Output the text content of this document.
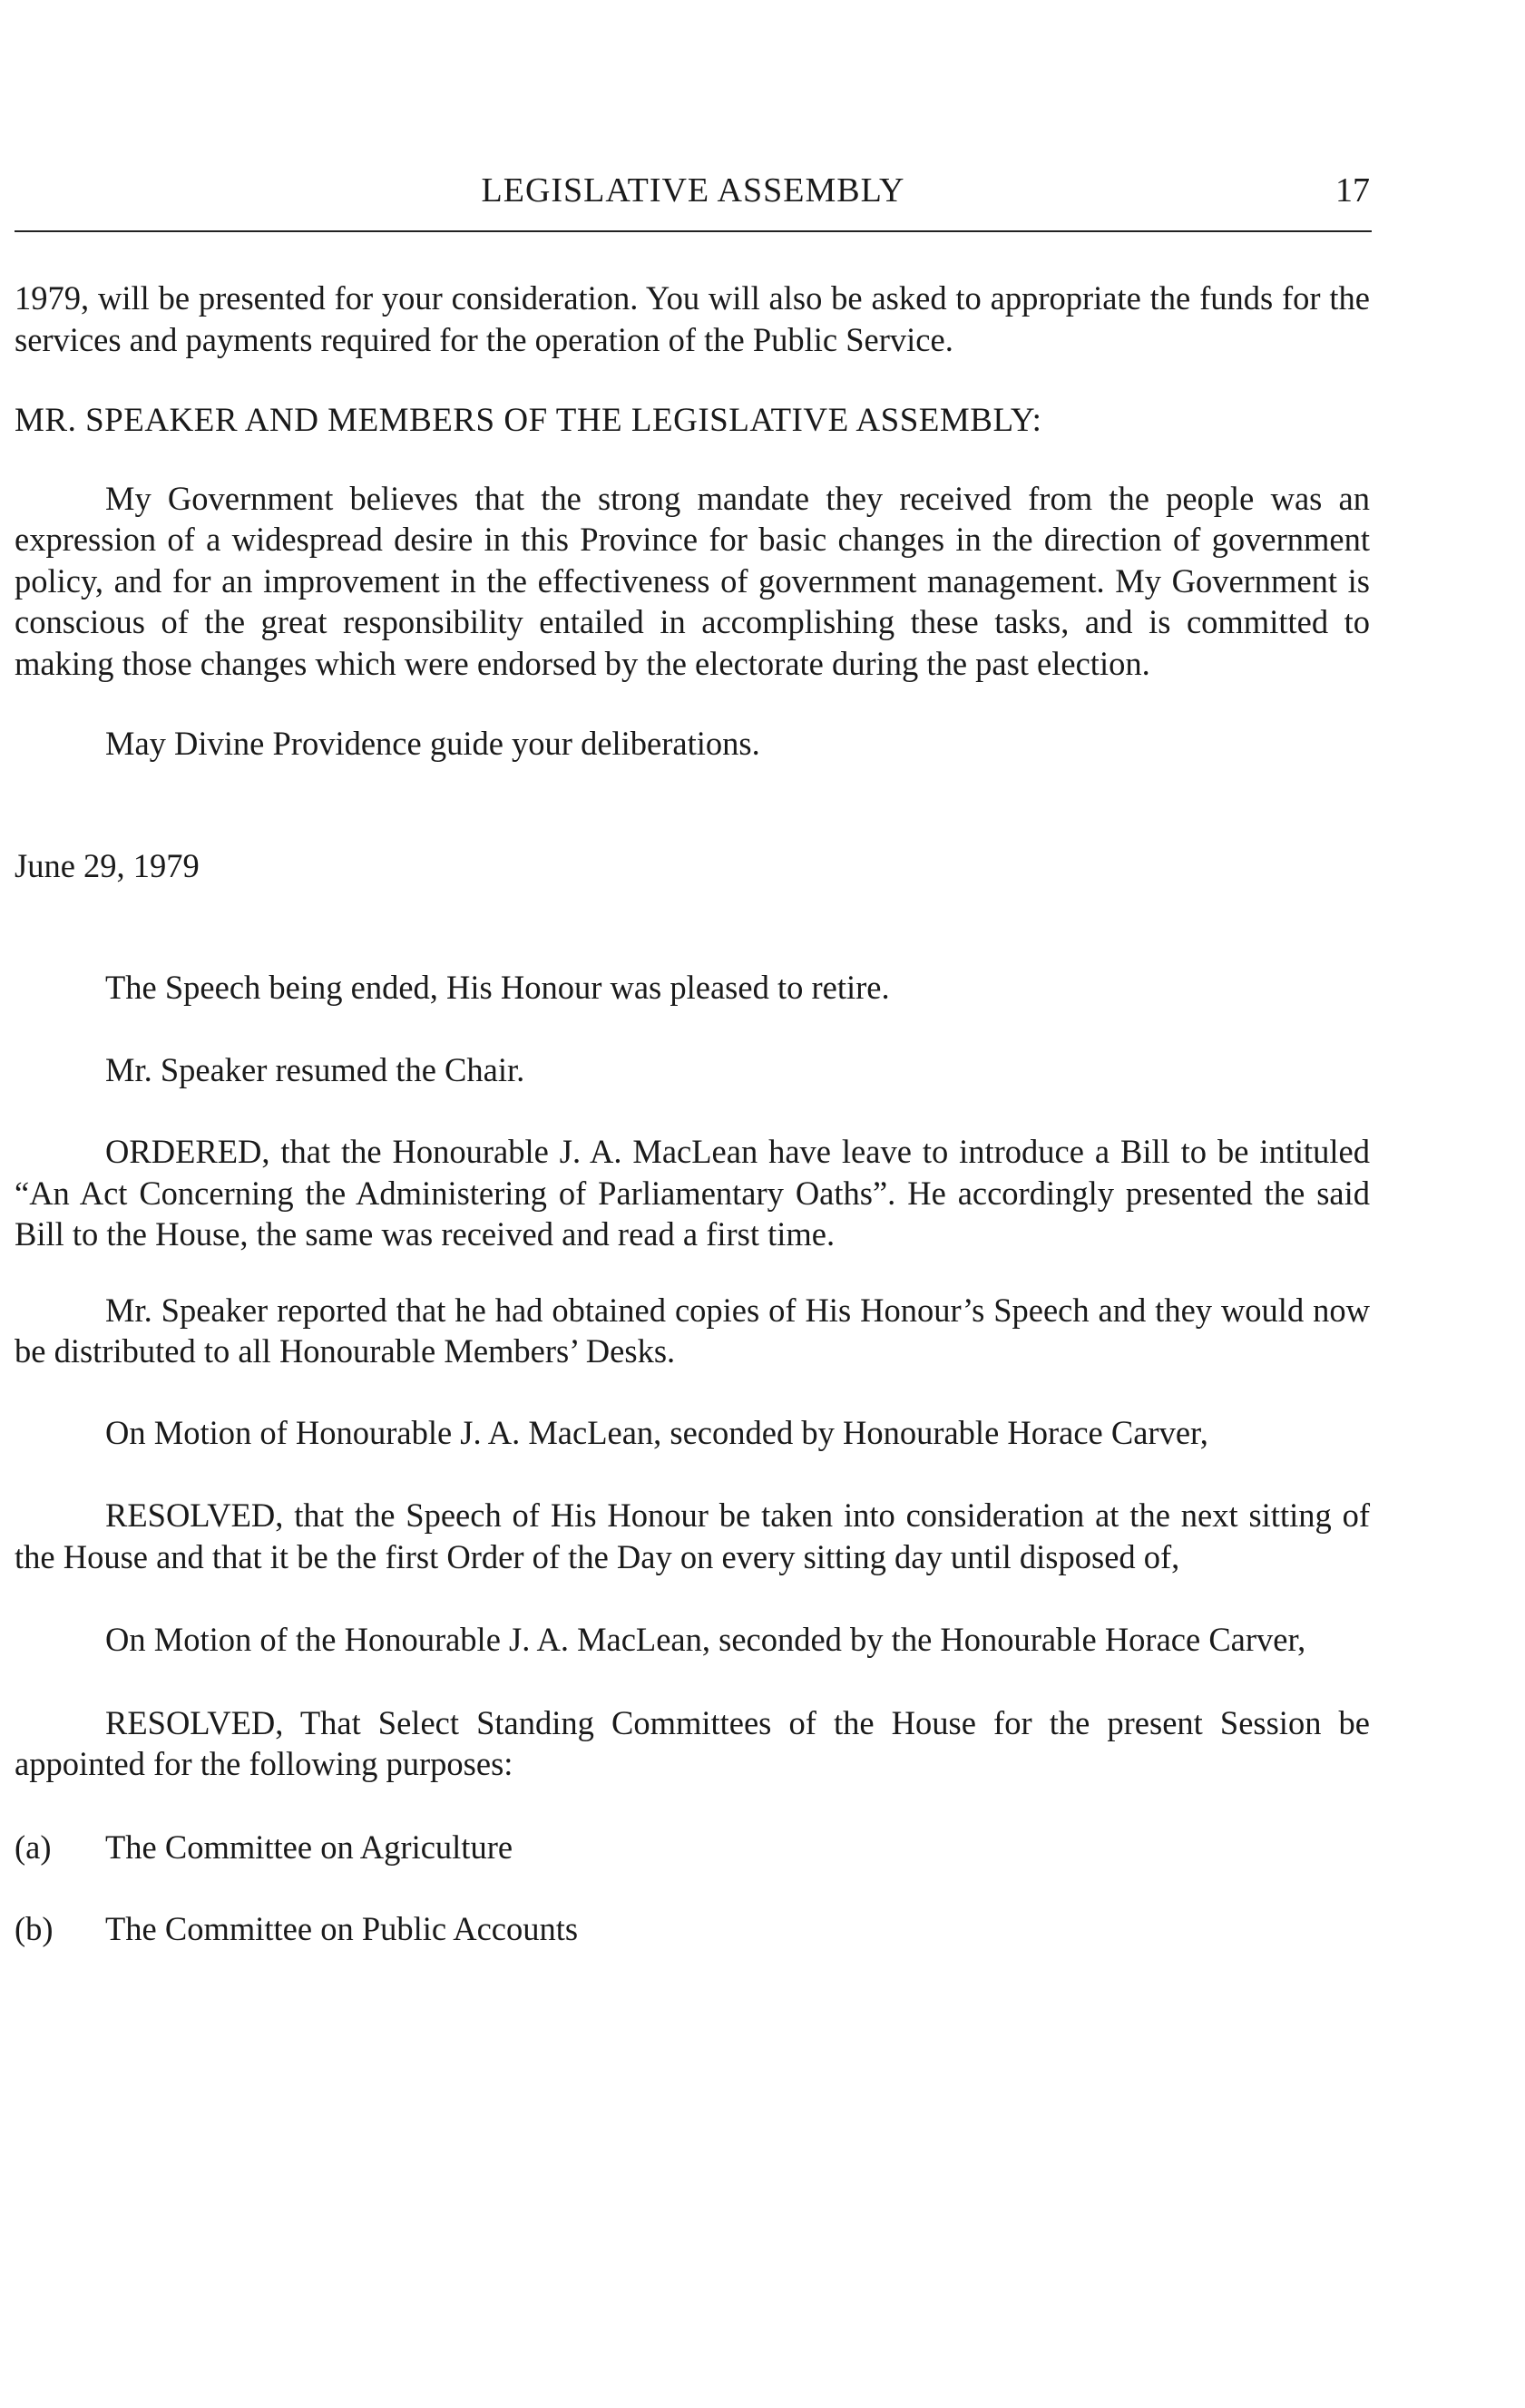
LEGISLATIVE ASSEMBLY	17

1979, will be presented for your consideration. You will also be asked to appropriate the funds for the services and payments required for the operation of the Public Service.

MR. SPEAKER AND MEMBERS OF THE LEGISLATIVE ASSEMBLY:

My Government believes that the strong mandate they received from the people was an expression of a widespread desire in this Province for basic changes in the direction of government policy, and for an improvement in the effectiveness of government management. My Government is conscious of the great responsibility entailed in accomplishing these tasks, and is committed to making those changes which were endorsed by the electorate during the past election.

May Divine Providence guide your deliberations.

June 29, 1979

The Speech being ended, His Honour was pleased to retire.

Mr. Speaker resumed the Chair.

ORDERED, that the Honourable J. A. MacLean have leave to introduce a Bill to be intituled “An Act Concerning the Administering of Parliamentary Oaths”. He accordingly presented the said Bill to the House, the same was received and read a first time.

Mr. Speaker reported that he had obtained copies of His Honour’s Speech and they would now be distributed to all Honourable Members’ Desks.

On Motion of Honourable J. A. MacLean, seconded by Honourable Horace Carver,

RESOLVED, that the Speech of His Honour be taken into consideration at the next sitting of the House and that it be the first Order of the Day on every sitting day until disposed of,

On Motion of the Honourable J. A. MacLean, seconded by the Honourable Horace Carver,

RESOLVED, That Select Standing Committees of the House for the present Session be appointed for the following purposes:

(a) The Committee on Agriculture
(b) The Committee on Public Accounts
